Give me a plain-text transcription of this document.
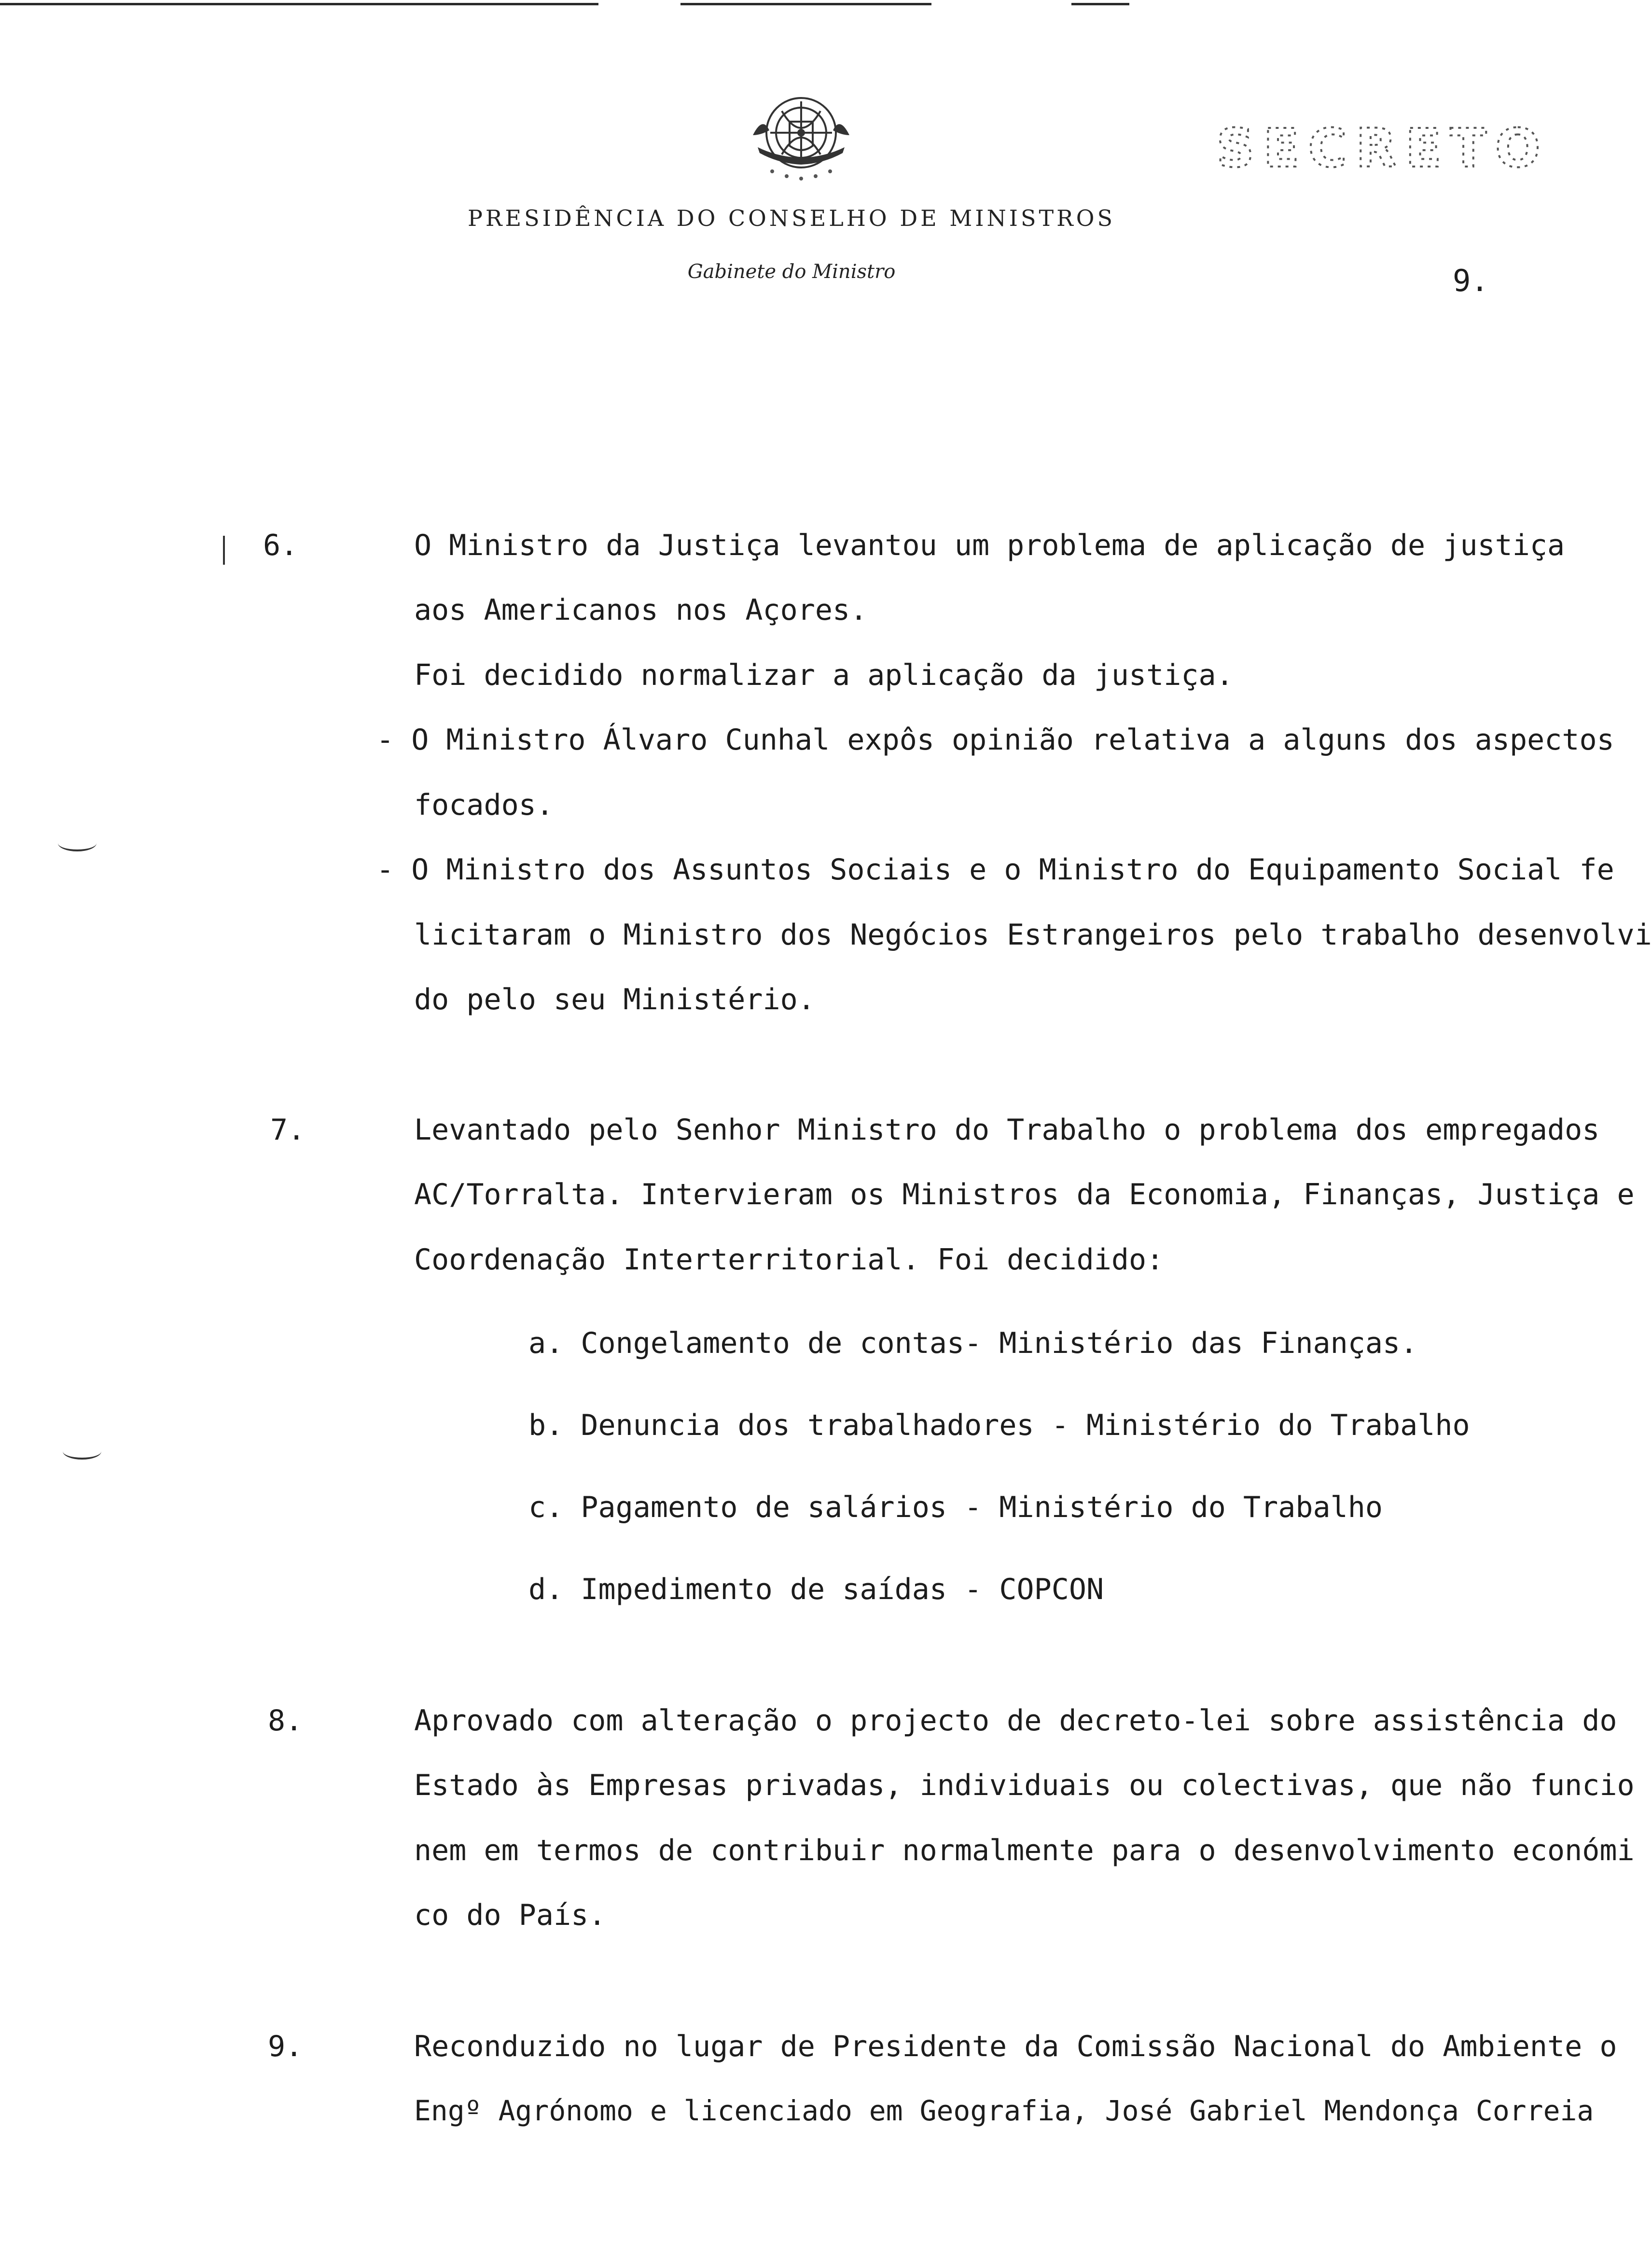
SECRETO
PRESIDÊNCIA DO CONSELHO DE MINISTROS
Gabinete do Ministro	9.
6.	O Ministro da Justiça levantou um problema de aplicação de justiça
aos Americanos nos Açores.
Foi decidido normalizar a aplicação da justiça.
- O Ministro Álvaro Cunhal expôs opinião relativa a alguns dos aspectos
focados.
- O Ministro dos Assuntos Sociais e o Ministro do Equipamento Social fe
licitaram o Ministro dos Negócios Estrangeiros pelo trabalho desenvolvi
do pelo seu Ministério.
7.	Levantado pelo Senhor Ministro do Trabalho o problema dos empregados
AC/Torralta. Intervieram os Ministros da Economia, Finanças, Justiça e
Coordenação Interterritorial. Foi decidido:
a. Congelamento de contas- Ministério das Finanças.
b. Denuncia dos trabalhadores - Ministério do Trabalho
c. Pagamento de salários - Ministério do Trabalho
d. Impedimento de saídas - COPCON
8.	Aprovado com alteração o projecto de decreto-lei sobre assistência do
Estado às Empresas privadas, individuais ou colectivas, que não funcio
nem em termos de contribuir normalmente para o desenvolvimento económi
co do País.
9.	Reconduzido no lugar de Presidente da Comissão Nacional do Ambiente o
Engº Agrónomo e licenciado em Geografia, José Gabriel Mendonça Correia
